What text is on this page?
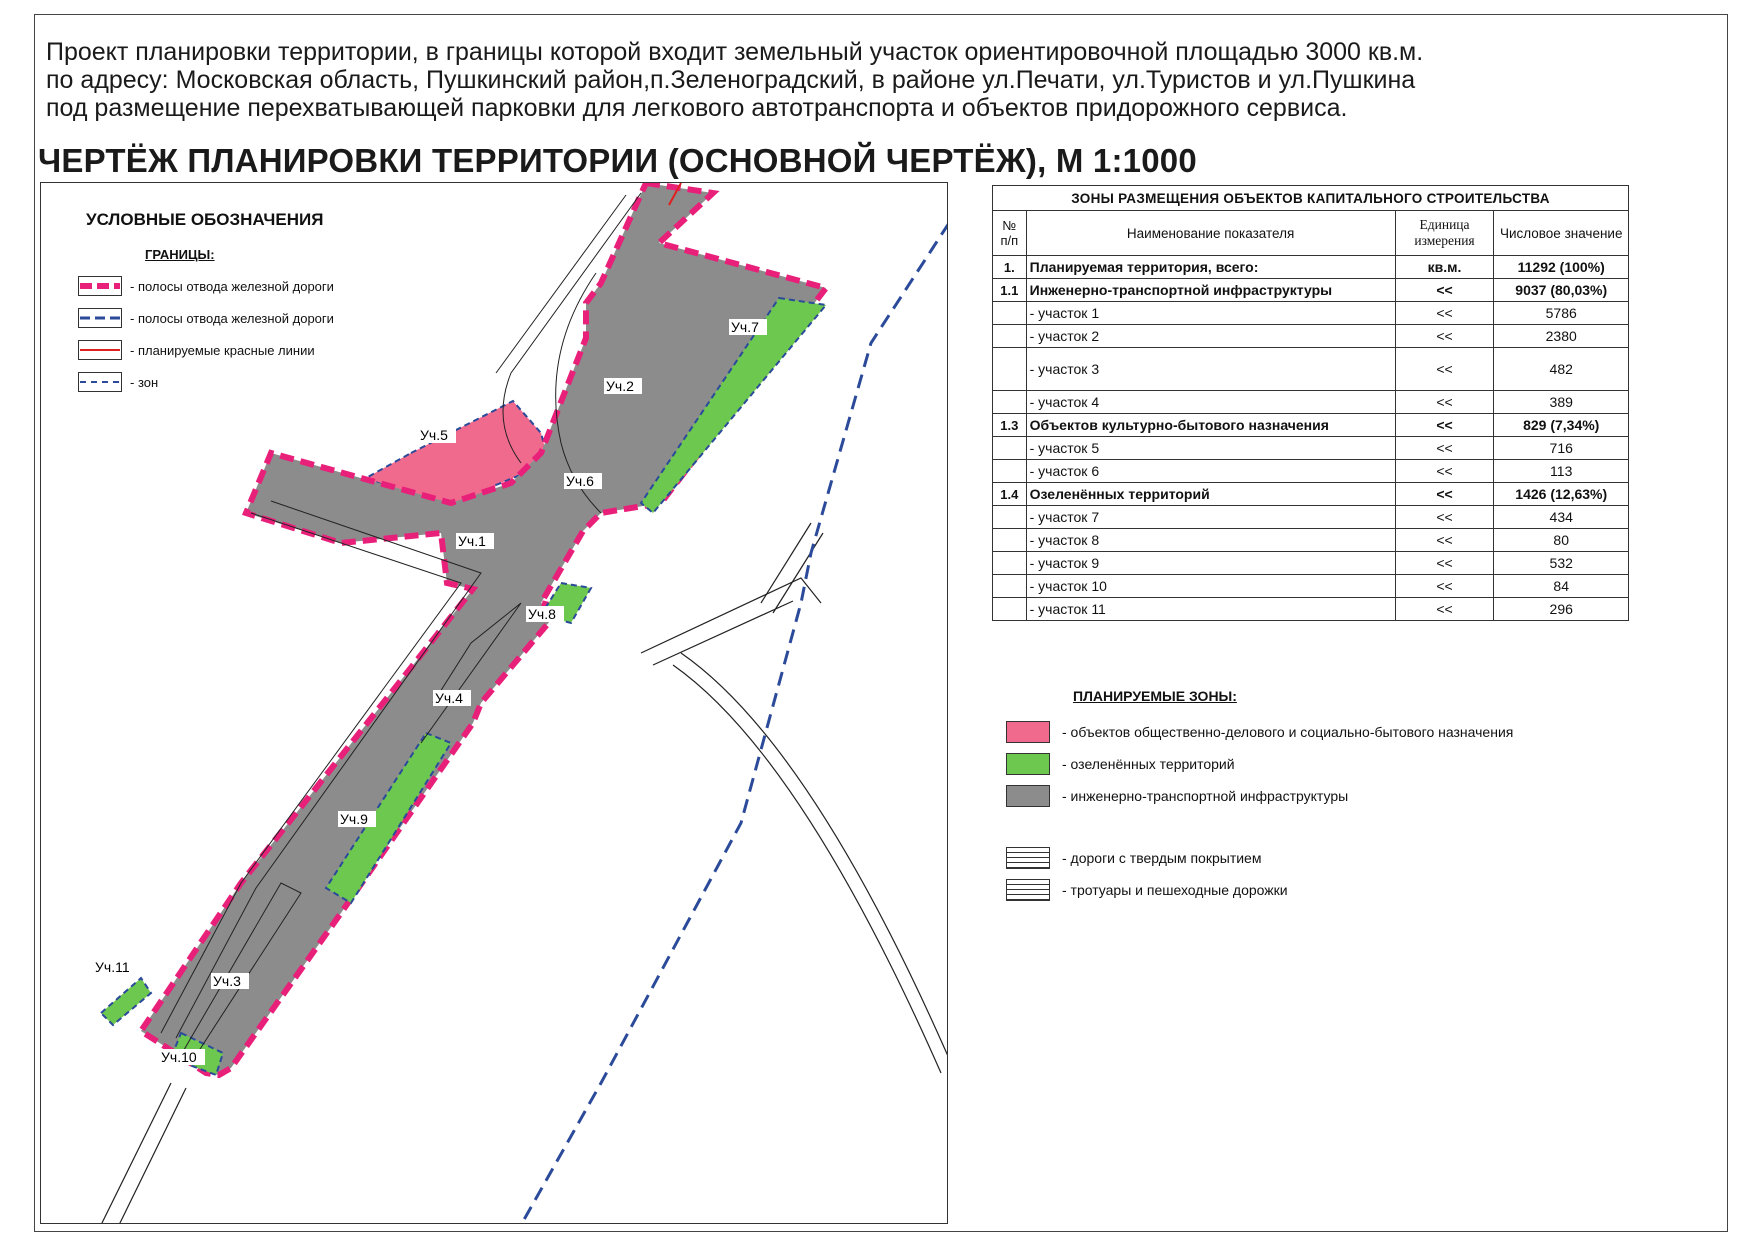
Проект планировки территории, в границы которой входит земельный участок ориентировочной площадью 3000 кв.м.
по адресу: Московская область, Пушкинский район,п.Зеленоградский, в районе ул.Печати, ул.Туристов и ул.Пушкина
под размещение перехватывающей парковки для легкового автотранспорта и объектов придорожного сервиса.
ЧЕРТЁЖ ПЛАНИРОВКИ ТЕРРИТОРИИ (ОСНОВНОЙ ЧЕРТЁЖ), М 1:1000
Уч.2
Уч.1
Уч.5
Уч.6
Уч.7
Уч.8
Уч.4
Уч.9
Уч.3
Уч.10
Уч.11
УСЛОВНЫЕ ОБОЗНАЧЕНИЯ
ГРАНИЦЫ:
- полосы отвода железной дороги
- полосы отвода железной дороги
- планируемые красные линии
- зон
ЗОНЫ РАЗМЕЩЕНИЯ ОБЪЕКТОВ КАПИТАЛЬНОГО СТРОИТЕЛЬСТВА			
№ п/п	Наименование показателя	Единица измерения	Числовое значение
1.	Планируемая территория, всего:	кв.м.	11292 (100%)
1.1	Инженерно-транспортной инфраструктуры	<<	9037 (80,03%)
	- участок 1	<<	5786
	- участок 2	<<	2380
	- участок 3	<<	482
	- участок 4	<<	389
1.3	Объектов культурно-бытового назначения	<<	829 (7,34%)
	- участок 5	<<	716
	- участок 6	<<	113
1.4	Озеленённых территорий	<<	1426 (12,63%)
	- участок 7	<<	434
	- участок 8	<<	80
	- участок 9	<<	532
	- участок 10	<<	84
	- участок 11	<<	296
ПЛАНИРУЕМЫЕ ЗОНЫ:
- объектов общественно-делового и социально-бытового назначения
- озеленённых территорий
- инженерно-транспортной инфраструктуры
- дороги с твердым покрытием
- тротуары и пешеходные дорожки
